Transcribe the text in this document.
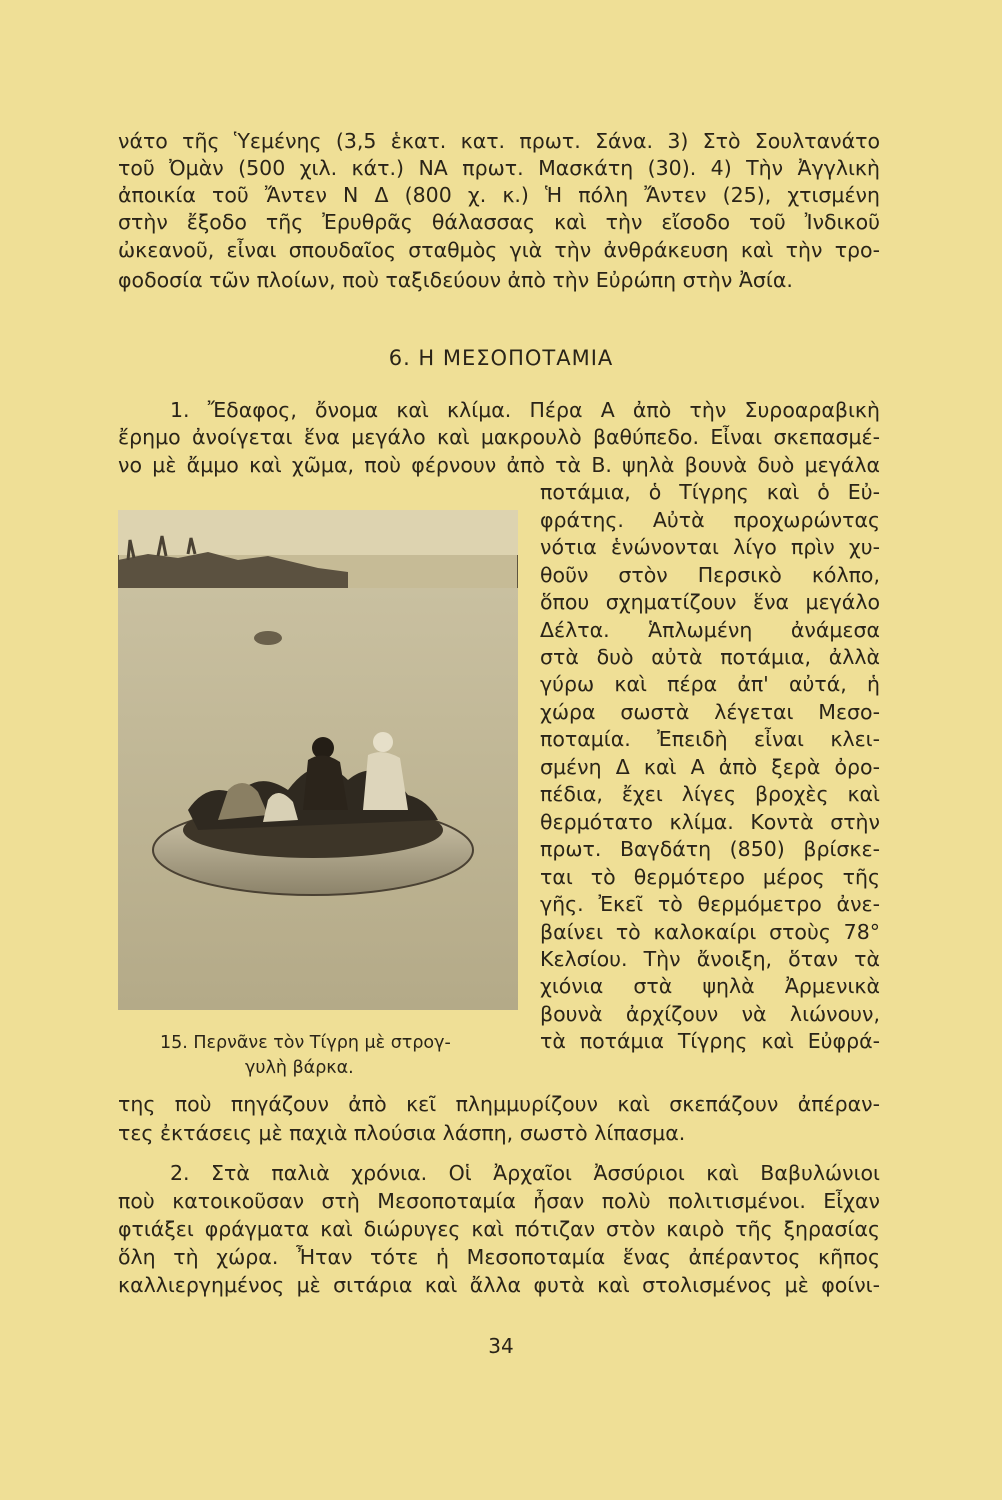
νάτο τῆς Ὑεμένης (3,5 ἑκατ. κατ. πρωτ. Σάνα. 3) Στὸ Σουλτανάτο
τοῦ Ὀμὰν (500 χιλ. κάτ.) ΝΑ πρωτ. Μασκάτη (30). 4) Τὴν Ἀγγλικὴ
ἀποικία τοῦ Ἄντεν Ν Δ (800 χ. κ.) Ἡ πόλη Ἄντεν (25), χτισμένη
στὴν ἔξοδο τῆς Ἐρυθρᾶς θάλασσας καὶ τὴν εἴσοδο τοῦ Ἰνδικοῦ
ὠκεανοῦ, εἶναι σπουδαῖος σταθμὸς γιὰ τὴν ἀνθράκευση καὶ τὴν τρο-
φοδοσία τῶν πλοίων, ποὺ ταξιδεύουν ἀπὸ τὴν Εὐρώπη στὴν Ἀσία.
6. Η ΜΕΣΟΠΟΤΑΜΙΑ
1. Ἔδαφος, ὄνομα καὶ κλίμα. Πέρα Α ἀπὸ τὴν Συροαραβικὴ
ἔρημο ἀνοίγεται ἕνα μεγάλο καὶ μακρουλὸ βαθύπεδο. Εἶναι σκεπασμέ-
νο μὲ ἄμμο καὶ χῶμα, ποὺ φέρνουν ἀπὸ τὰ Β. ψηλὰ βουνὰ δυὸ μεγάλα
ποτάμια, ὁ Τίγρης καὶ ὁ Εὐ-
φράτης. Αὐτὰ προχωρώντας
νότια ἑνώνονται λίγο πρὶν χυ-
θοῦν στὸν Περσικὸ κόλπο,
ὅπου σχηματίζουν ἕνα μεγάλο
Δέλτα. Ἁπλωμένη ἀνάμεσα
στὰ δυὸ αὐτὰ ποτάμια, ἀλλὰ
γύρω καὶ πέρα ἀπ' αὐτά, ἡ
χώρα σωστὰ λέγεται Μεσο-
ποταμία. Ἐπειδὴ εἶναι κλει-
σμένη Δ καὶ Α ἀπὸ ξερὰ ὀρο-
πέδια, ἔχει λίγες βροχὲς καὶ
θερμότατο κλίμα. Κοντὰ στὴν
πρωτ. Βαγδάτη (850) βρίσκε-
ται τὸ θερμότερο μέρος τῆς
γῆς. Ἐκεῖ τὸ θερμόμετρο ἀνε-
βαίνει τὸ καλοκαίρι στοὺς 78°
Κελσίου. Τὴν ἄνοιξη, ὅταν τὰ
χιόνια στὰ ψηλὰ Ἀρμενικὰ
βουνὰ ἀρχίζουν νὰ λιώνουν,
τὰ ποτάμια Τίγρης καὶ Εὐφρά-
15. Περνᾶνε τὸν Τίγρη μὲ στρογ-
γυλὴ βάρκα.
της ποὺ πηγάζουν ἀπὸ κεῖ πλημμυρίζουν καὶ σκεπάζουν ἀπέραν-
τες ἐκτάσεις μὲ παχιὰ πλούσια λάσπη, σωστὸ λίπασμα.
2. Στὰ παλιὰ χρόνια. Οἱ Ἀρχαῖοι Ἀσσύριοι καὶ Βαβυλώνιοι
ποὺ κατοικοῦσαν στὴ Μεσοποταμία ἦσαν πολὺ πολιτισμένοι. Εἶχαν
φτιάξει φράγματα καὶ διώρυγες καὶ πότιζαν στὸν καιρὸ τῆς ξηρασίας
ὅλη τὴ χώρα. Ἦταν τότε ἡ Μεσοποταμία ἕνας ἀπέραντος κῆπος
καλλιεργημένος μὲ σιτάρια καὶ ἄλλα φυτὰ καὶ στολισμένος μὲ φοίνι-
34
